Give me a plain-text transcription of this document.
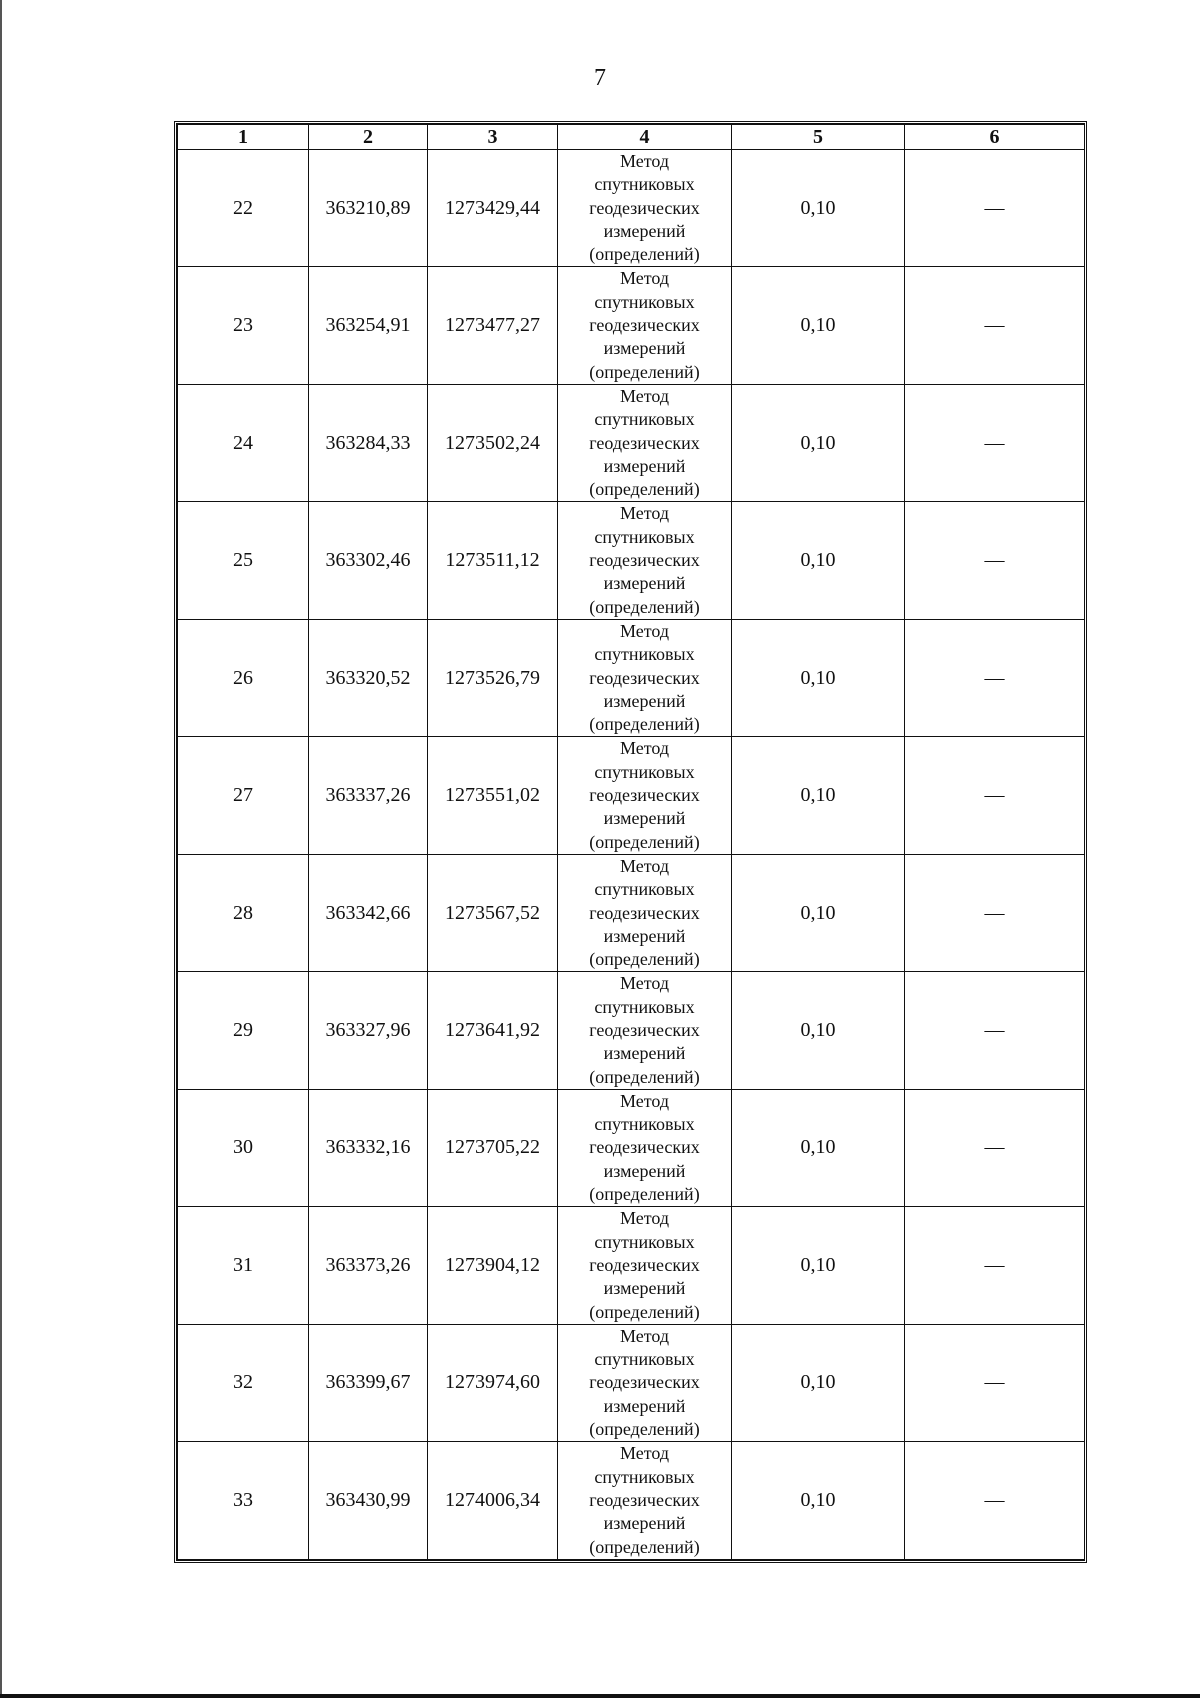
7
1	2	3	4	5	6
22	363210,89	1273429,44	Метод
спутниковых
геодезических
измерений
(определений)	0,10	—
23	363254,91	1273477,27	Метод
спутниковых
геодезических
измерений
(определений)	0,10	—
24	363284,33	1273502,24	Метод
спутниковых
геодезических
измерений
(определений)	0,10	—
25	363302,46	1273511,12	Метод
спутниковых
геодезических
измерений
(определений)	0,10	—
26	363320,52	1273526,79	Метод
спутниковых
геодезических
измерений
(определений)	0,10	—
27	363337,26	1273551,02	Метод
спутниковых
геодезических
измерений
(определений)	0,10	—
28	363342,66	1273567,52	Метод
спутниковых
геодезических
измерений
(определений)	0,10	—
29	363327,96	1273641,92	Метод
спутниковых
геодезических
измерений
(определений)	0,10	—
30	363332,16	1273705,22	Метод
спутниковых
геодезических
измерений
(определений)	0,10	—
31	363373,26	1273904,12	Метод
спутниковых
геодезических
измерений
(определений)	0,10	—
32	363399,67	1273974,60	Метод
спутниковых
геодезических
измерений
(определений)	0,10	—
33	363430,99	1274006,34	Метод
спутниковых
геодезических
измерений
(определений)	0,10	—
